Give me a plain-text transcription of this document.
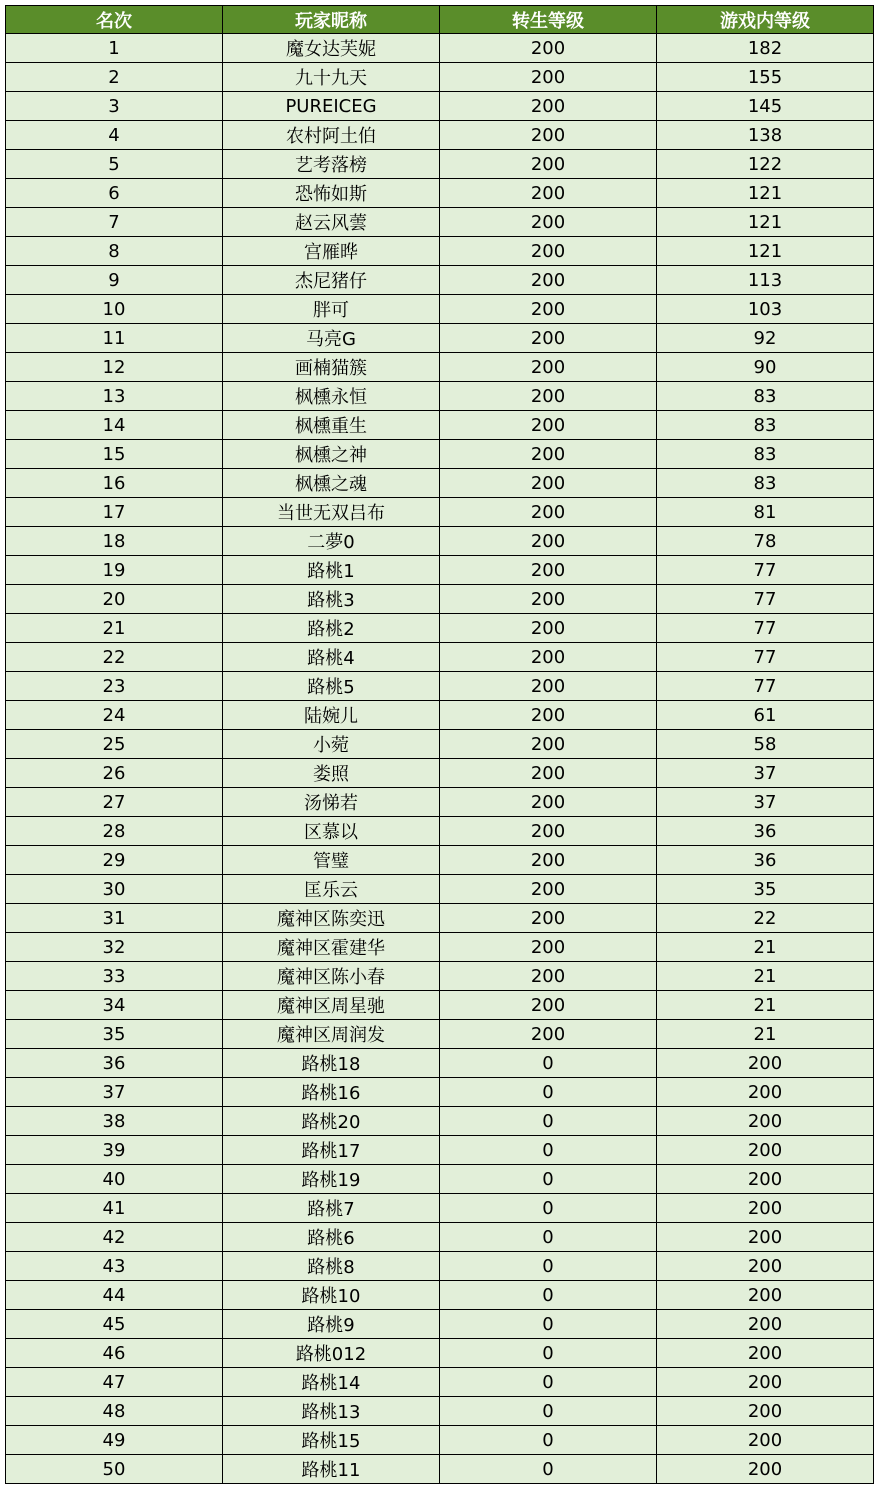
名次	玩家昵称	转生等级	游戏内等级
1	魔女达芙妮	200	182
2	九十九天	200	155
3	PUREICEG	200	145
4	农村阿土伯	200	138
5	艺考落榜	200	122
6	恐怖如斯	200	121
7	赵云风蕓	200	121
8	宫雁晔	200	121
9	杰尼猪仔	200	113
10	胖可	200	103
11	马亮G	200	92
12	画楠猫簇	200	90
13	枫櫄永恒	200	83
14	枫櫄重生	200	83
15	枫櫄之神	200	83
16	枫櫄之魂	200	83
17	当世无双吕布	200	81
18	二夢0	200	78
19	路桃1	200	77
20	路桃3	200	77
21	路桃2	200	77
22	路桃4	200	77
23	路桃5	200	77
24	陆婉儿	200	61
25	小菀	200	58
26	娄照	200	37
27	汤悌若	200	37
28	区慕以	200	36
29	管璧	200	36
30	匡乐云	200	35
31	魔神区陈奕迅	200	22
32	魔神区霍建华	200	21
33	魔神区陈小春	200	21
34	魔神区周星驰	200	21
35	魔神区周润发	200	21
36	路桃18	0	200
37	路桃16	0	200
38	路桃20	0	200
39	路桃17	0	200
40	路桃19	0	200
41	路桃7	0	200
42	路桃6	0	200
43	路桃8	0	200
44	路桃10	0	200
45	路桃9	0	200
46	路桃012	0	200
47	路桃14	0	200
48	路桃13	0	200
49	路桃15	0	200
50	路桃11	0	200
